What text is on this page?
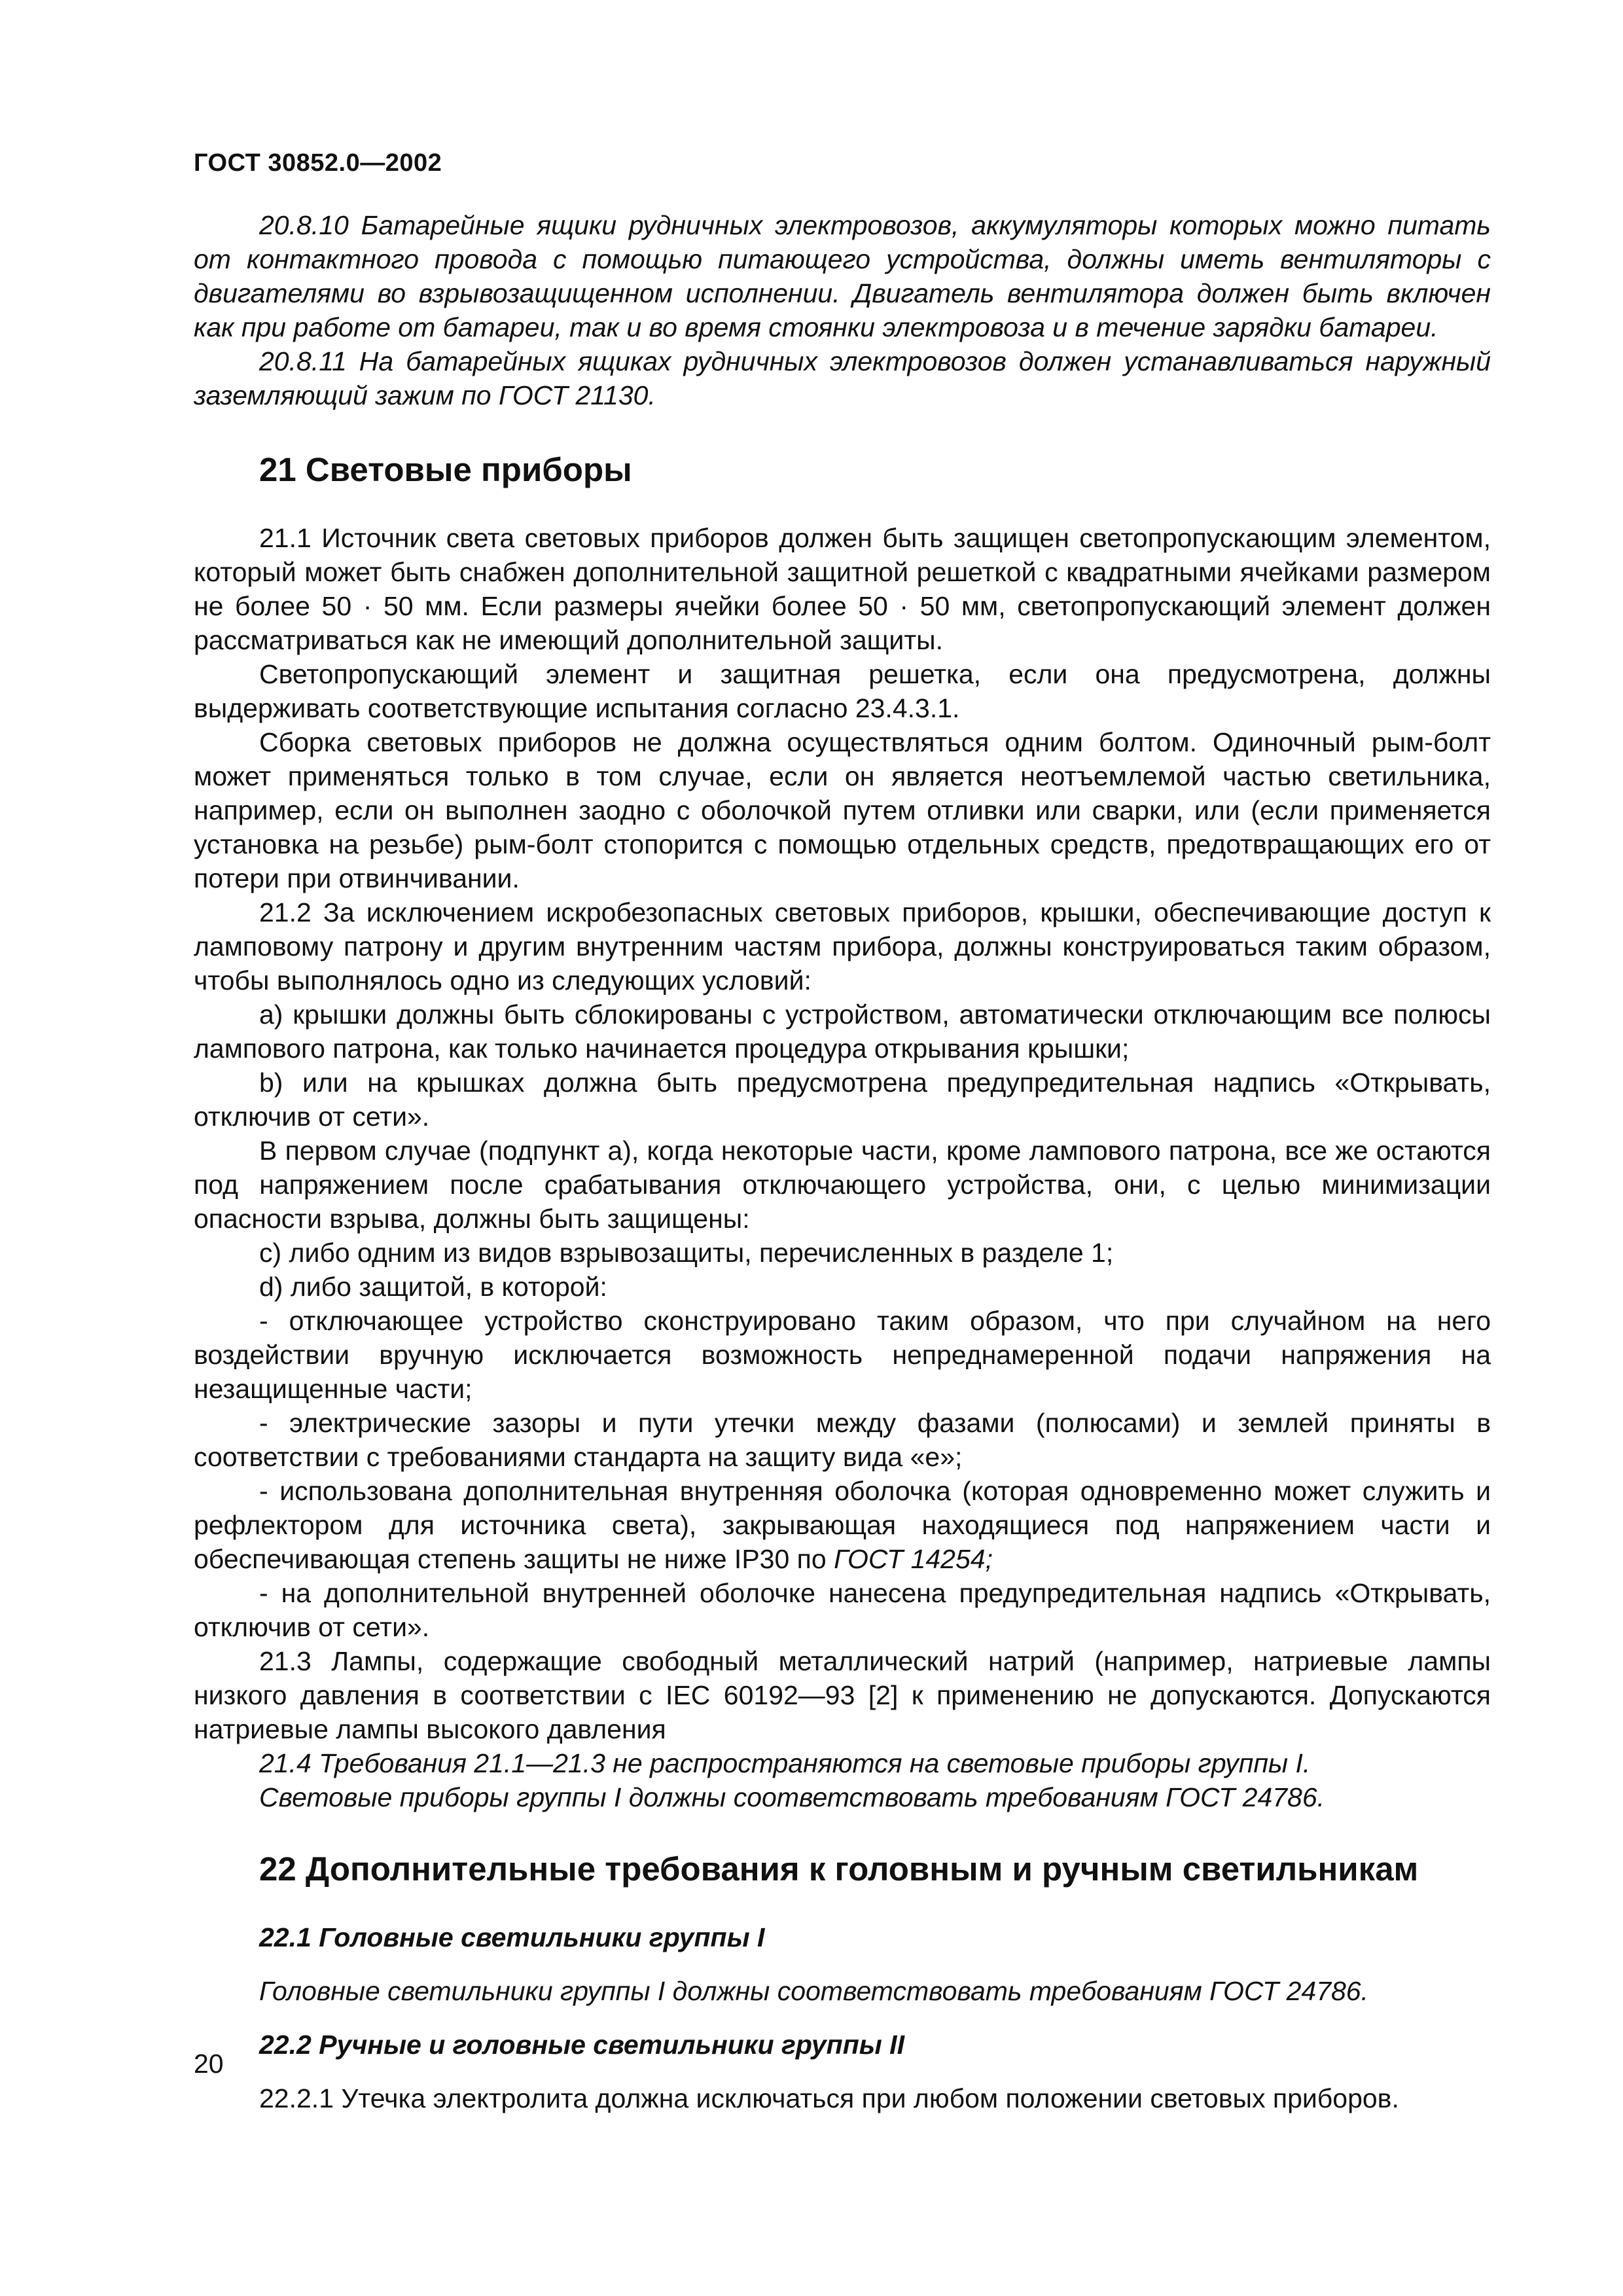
ГОСТ 30852.0—2002

20.8.10 Батарейные ящики рудничных электровозов, аккумуляторы которых можно питать от контактного провода с помощью питающего устройства, должны иметь вентиляторы с двигателями во взрывозащищенном исполнении. Двигатель вентилятора должен быть включен как при работе от батареи, так и во время стоянки электровоза и в течение зарядки батареи.

20.8.11 На батарейных ящиках рудничных электровозов должен устанавливаться наружный заземляющий зажим по ГОСТ 21130.

21 Световые приборы

21.1 Источник света световых приборов должен быть защищен светопропускающим элементом, который может быть снабжен дополнительной защитной решеткой с квадратными ячейками размером не более 50 · 50 мм. Если размеры ячейки более 50 · 50 мм, светопропускающий элемент должен рассматриваться как не имеющий дополнительной защиты.

Светопропускающий элемент и защитная решетка, если она предусмотрена, должны выдерживать соответствующие испытания согласно 23.4.3.1.

Сборка световых приборов не должна осуществляться одним болтом. Одиночный рым-болт может применяться только в том случае, если он является неотъемлемой частью светильника, например, если он выполнен заодно с оболочкой путем отливки или сварки, или (если применяется установка на резьбе) рым-болт стопорится с помощью отдельных средств, предотвращающих его от потери при отвинчивании.

21.2 За исключением искробезопасных световых приборов, крышки, обеспечивающие доступ к ламповому патрону и другим внутренним частям прибора, должны конструироваться таким образом, чтобы выполнялось одно из следующих условий:

а) крышки должны быть сблокированы с устройством, автоматически отключающим все полюсы лампового патрона, как только начинается процедура открывания крышки;

b) или на крышках должна быть предусмотрена предупредительная надпись «Открывать, отключив от сети».

В первом случае (подпункт а), когда некоторые части, кроме лампового патрона, все же остаются под напряжением после срабатывания отключающего устройства, они, с целью минимизации опасности взрыва, должны быть защищены:

с) либо одним из видов взрывозащиты, перечисленных в разделе 1;

d) либо защитой, в которой:

- отключающее устройство сконструировано таким образом, что при случайном на него воздействии вручную исключается возможность непреднамеренной подачи напряжения на незащищенные части;

- электрические зазоры и пути утечки между фазами (полюсами) и землей приняты в соответствии с требованиями стандарта на защиту вида «е»;

- использована дополнительная внутренняя оболочка (которая одновременно может служить и рефлектором для источника света), закрывающая находящиеся под напряжением части и обеспечивающая степень защиты не ниже IP30 по ГОСТ 14254;

- на дополнительной внутренней оболочке нанесена предупредительная надпись «Открывать, отключив от сети».

21.3 Лампы, содержащие свободный металлический натрий (например, натриевые лампы низкого давления в соответствии с IEC 60192—93 [2] к применению не допускаются. Допускаются натриевые лампы высокого давления

21.4 Требования 21.1—21.3 не распространяются на световые приборы группы I.

Световые приборы группы I должны соответствовать требованиям ГОСТ 24786.

22 Дополнительные требования к головным и ручным светильникам
22.1 Головные светильники группы I

Головные светильники группы I должны соответствовать требованиям ГОСТ 24786.

22.2 Ручные и головные светильники группы II

22.2.1 Утечка электролита должна исключаться при любом положении световых приборов.

20
